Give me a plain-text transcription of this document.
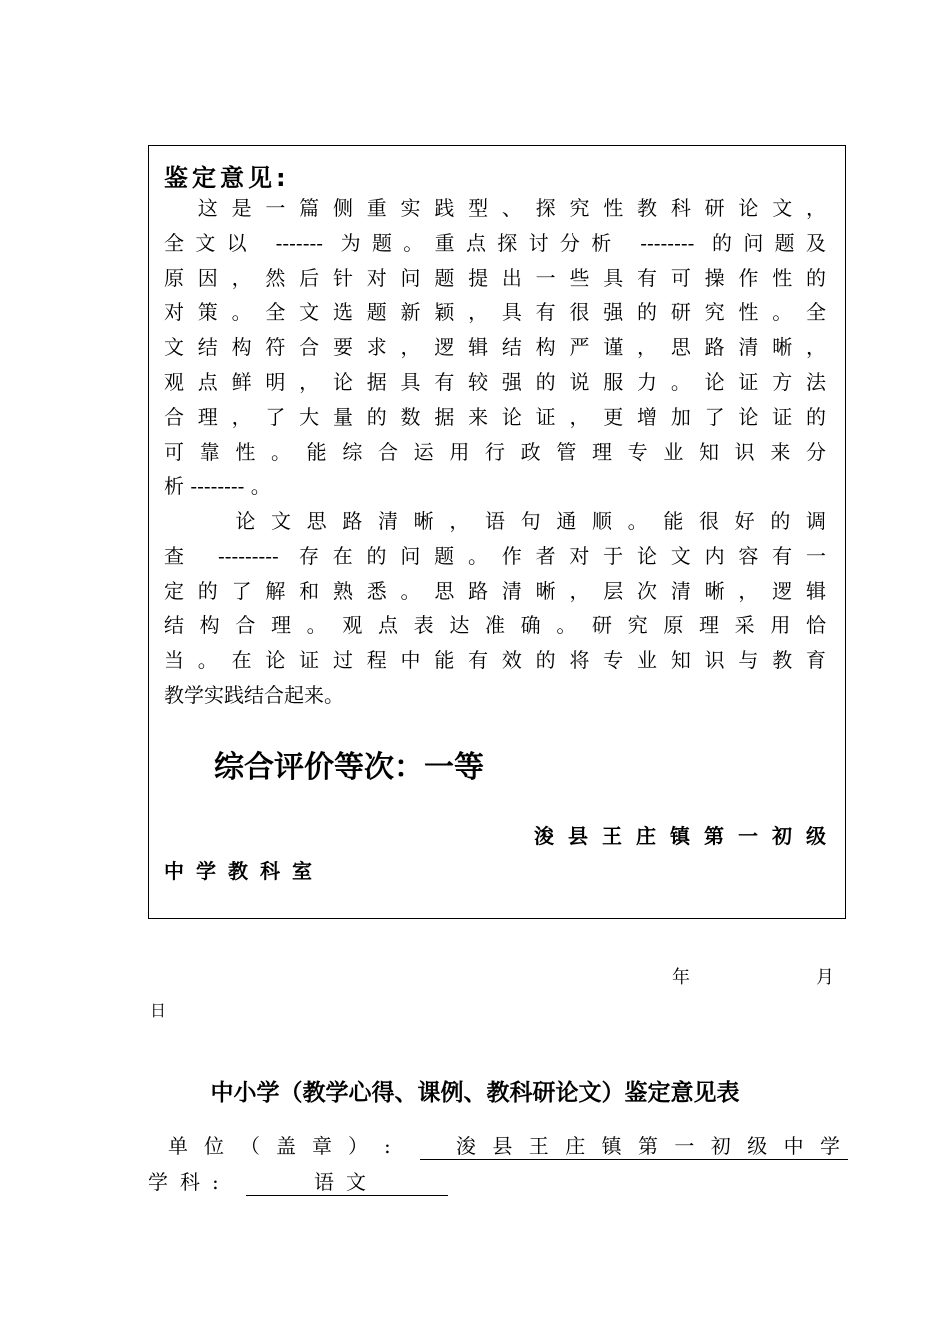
鉴定意见:
　这是一篇侧重实践型、探究性教科研论文，
全文以 ------- 为题。重点探讨分析 -------- 的问题及
原因，然后针对问题提出一些具有可操作性的
对策。全文选题新颖，具有很强的研究性。全
文结构符合要求，逻辑结构严谨，思路清晰，
观点鲜明，论据具有较强的说服力。论证方法
合理，了大量的数据来论证，更增加了论证的
可靠性。能综合运用行政管理专业知识来分
析 -------- 。
　　论文思路清晰，语句通顺。能很好的调
查 --------- 存在的问题。作者对于论文内容有一
定的了解和熟悉。思路清晰，层次清晰，逻辑
结构合理。观点表达准确。研究原理采用恰
当。在论证过程中能有效的将专业知识与教育
教学实践结合起来。
综合评价等次：一等
浚县王庄镇第一初级
中学教科室
年	月
日
中小学（教学心得、课例、教科研论文）鉴定意见表
单位（盖章）:	浚县王庄镇第一初级中学
学科:	语文
